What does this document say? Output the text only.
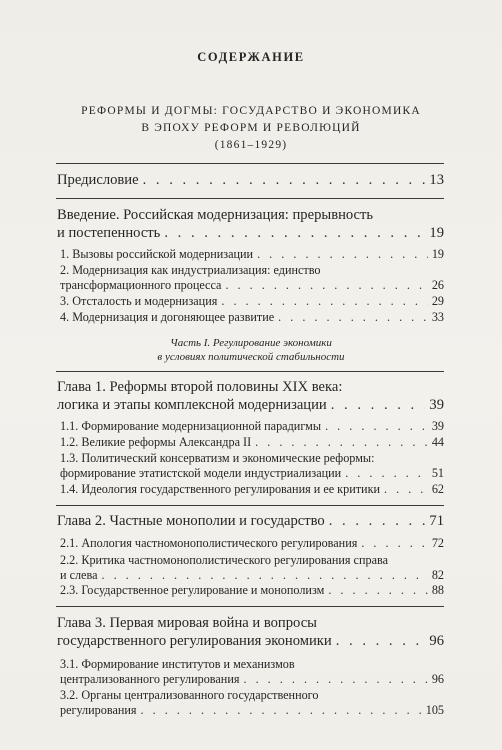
СОДЕРЖАНИЕ
РЕФОРМЫ И ДОГМЫ: ГОСУДАРСТВО И ЭКОНОМИКА
В ЭПОХУ РЕФОРМ И РЕВОЛЮЦИЙ
(1861–1929)
Предисловие . . .	13
Введение. Российская модернизация: прерывность
и постепенность . . .	19
1. Вызовы российской модернизации . . .	19
2. Модернизация как индустриализация: единство
трансформационного процесса . . .	26
3. Отсталость и модернизация . . .	29
4. Модернизация и догоняющее развитие . . .	33
Часть I. Регулирование экономики
в условиях политической стабильности
Глава 1. Реформы второй половины XIX века:
логика и этапы комплексной модернизации . . .	39
1.1. Формирование модернизационной парадигмы . . .	39
1.2. Великие реформы Александра II . . .	44
1.3. Политический консерватизм и экономические реформы:
формирование этатистской модели индустриализации . . .	51
1.4. Идеология государственного регулирования и ее критики . . .	62
Глава 2. Частные монополии и государство . . .	71
2.1. Апология частномонополистического регулирования . . .	72
2.2. Критика частномонополистического регулирования справа
и слева . . .	82
2.3. Государственное регулирование и монополизм . . .	88
Глава 3. Первая мировая война и вопросы
государственного регулирования экономики . . .	96
3.1. Формирование институтов и механизмов
централизованного регулирования . . .	96
3.2. Органы централизованного государственного
регулирования . . .	105
